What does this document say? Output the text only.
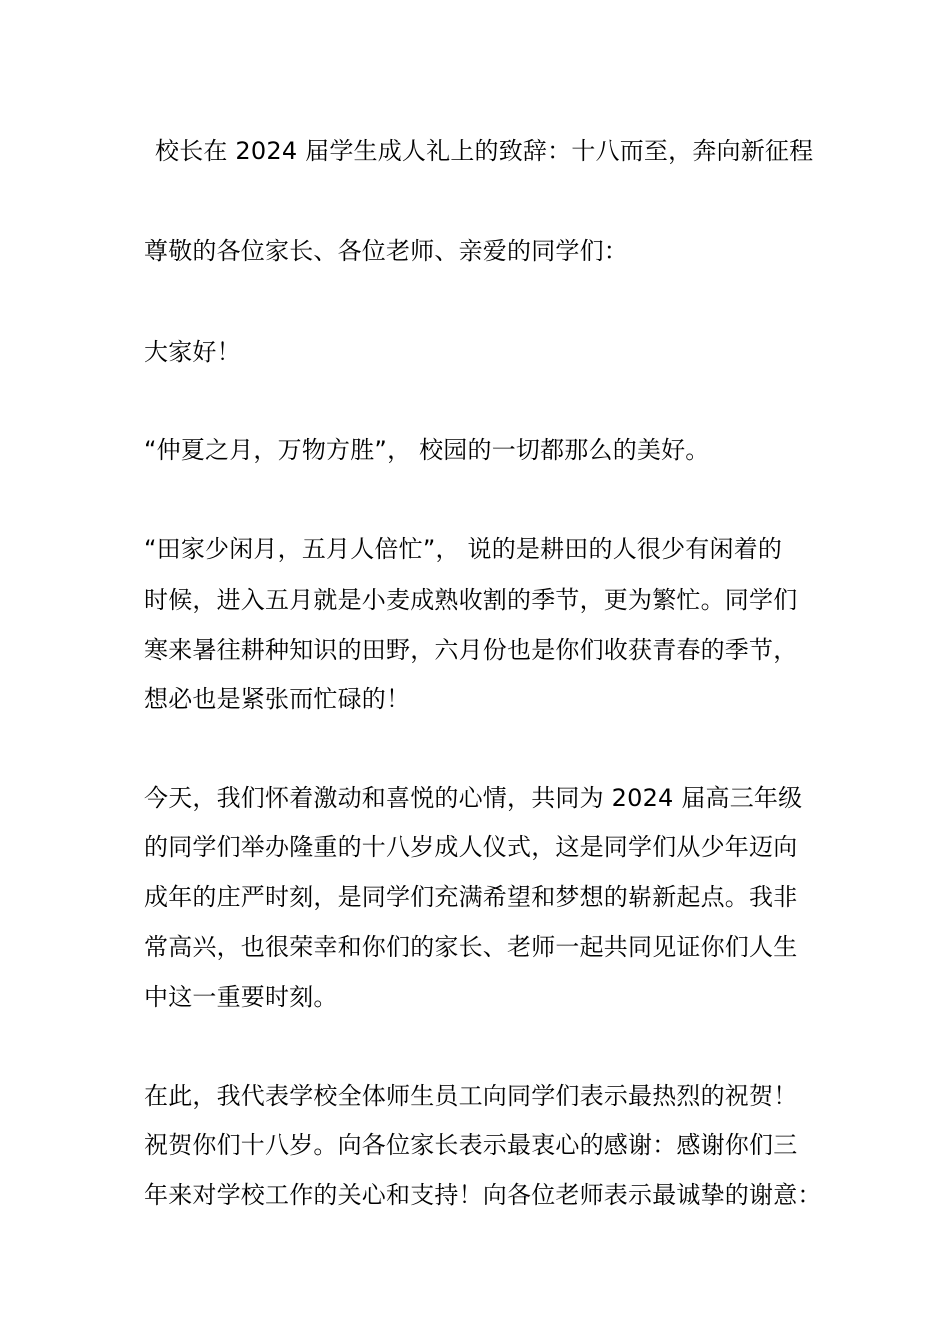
校长在 2024 届学生成人礼上的致辞：十八而至，奔向新征程
尊敬的各位家长、各位老师、亲爱的同学们：
大家好！
“仲夏之月，万物方胜”， 校园的一切都那么的美好。
“田家少闲月，五月人倍忙”， 说的是耕田的人很少有闲着的
时候，进入五月就是小麦成熟收割的季节，更为繁忙。同学们
寒来暑往耕种知识的田野，六月份也是你们收获青春的季节，
想必也是紧张而忙碌的！
今天，我们怀着激动和喜悦的心情，共同为 2024 届高三年级
的同学们举办隆重的十八岁成人仪式，这是同学们从少年迈向
成年的庄严时刻，是同学们充满希望和梦想的崭新起点。我非
常高兴，也很荣幸和你们的家长、老师一起共同见证你们人生
中这一重要时刻。
在此，我代表学校全体师生员工向同学们表示最热烈的祝贺！
祝贺你们十八岁。向各位家长表示最衷心的感谢：感谢你们三
年来对学校工作的关心和支持！向各位老师表示最诚挚的谢意：
